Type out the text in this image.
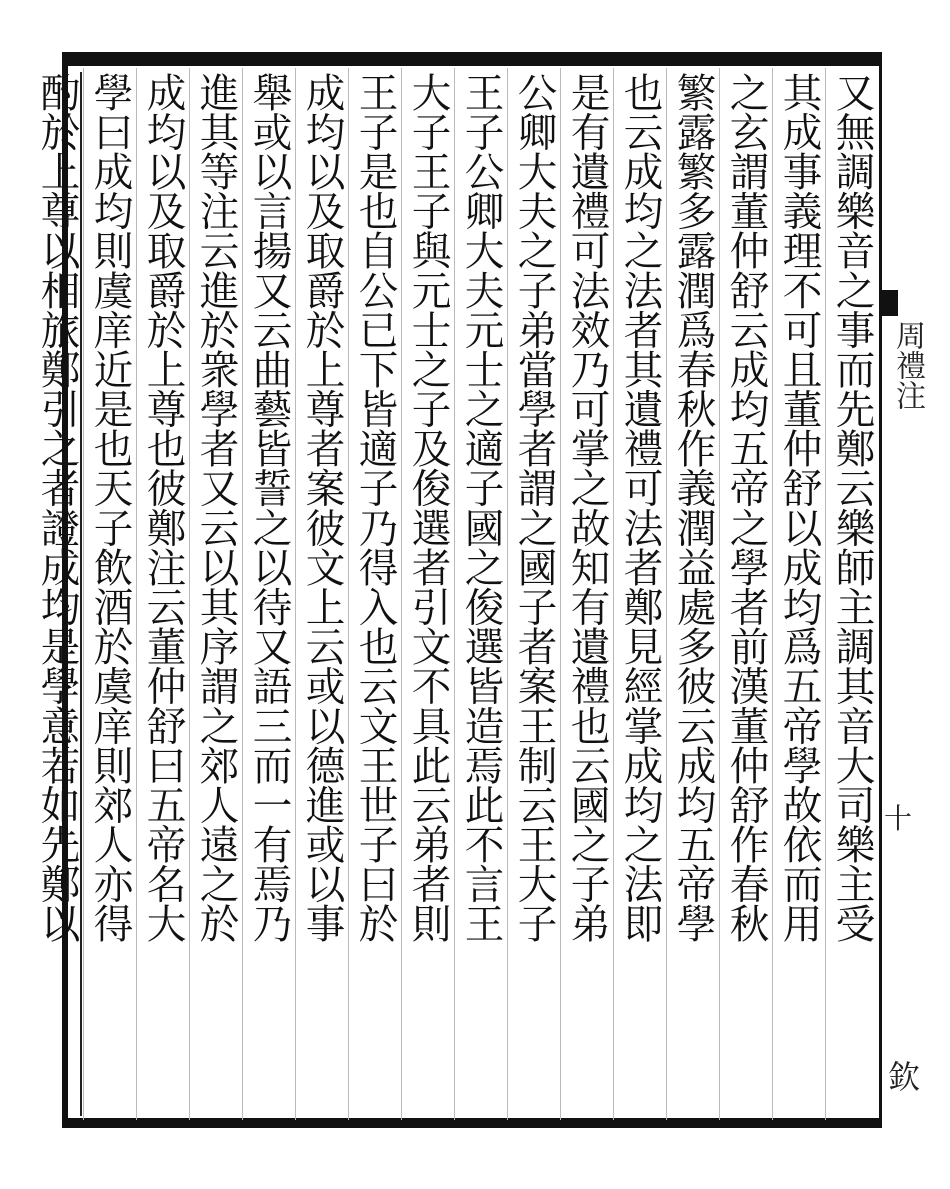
又無調樂音之事而先鄭云樂師主調其音大司樂主受
其成事義理不可且董仲舒以成均爲五帝學故依而用
之玄謂董仲舒云成均五帝之學者前漢董仲舒作春秋
繁露繁多露潤爲春秋作義潤益處多彼云成均五帝學
也云成均之法者其遺禮可法者鄭見經掌成均之法即
是有遺禮可法效乃可掌之故知有遺禮也云國之子弟
公卿大夫之子弟當學者謂之國子者案王制云王大子
王子公卿大夫元士之適子國之俊選皆造焉此不言王
大子王子與元士之子及俊選者引文不具此云弟者則
王子是也自公已下皆適子乃得入也云文王世子曰於
成均以及取爵於上尊者案彼文上云或以德進或以事
舉或以言揚又云曲藝皆誓之以待又語三而一有焉乃
進其等注云進於衆學者又云以其序謂之郊人遠之於
成均以及取爵於上尊也彼鄭注云董仲舒曰五帝名大
學曰成均則虞庠近是也天子飲酒於虞庠則郊人亦得
酌於上尊以相旅鄭引之者證成均是學意若如先鄭以	周禮注
十
欽
